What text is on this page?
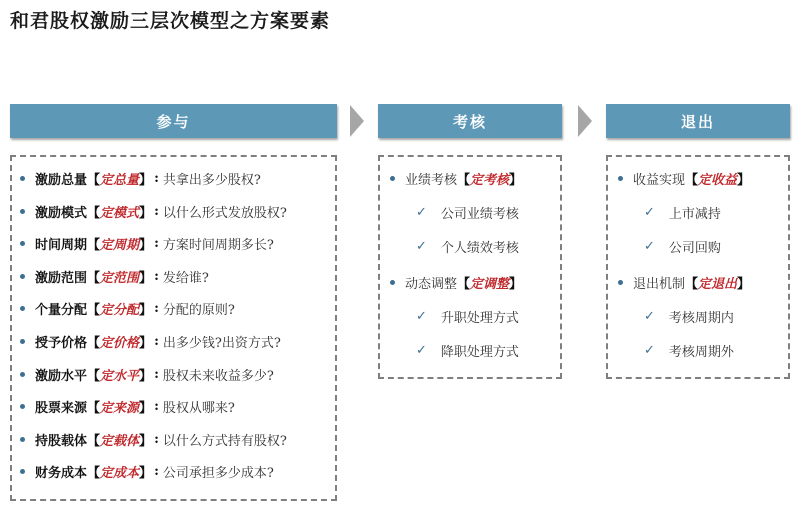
和君股权激励三层次模型之方案要素
参与	考核	退出
激励总量 【 定总量 】 : 共拿出多少股权?
激励模式 【 定模式 】 : 以什么形式发放股权?
时间周期 【 定周期 】 : 方案时间周期多长?
激励范围 【 定范围 】 : 发给谁?
个量分配 【 定分配 】 : 分配的原则?
授予价格 【 定价格 】 : 出多少钱?出资方式?
激励水平 【 定水平 】 : 股权未来收益多少?
股票来源 【 定来源 】 : 股权从哪来?
持股载体 【 定载体 】 : 以什么方式持有股权?
财务成本 【 定成本 】 : 公司承担多少成本?
业绩考核 【 定考核 】
✓ 公司业绩考核
✓ 个人绩效考核
动态调整 【 定调整 】
✓ 升职处理方式
✓ 降职处理方式
收益实现 【 定收益 】
✓ 上市减持
✓ 公司回购
退出机制 【 定退出 】
✓ 考核周期内
✓ 考核周期外
